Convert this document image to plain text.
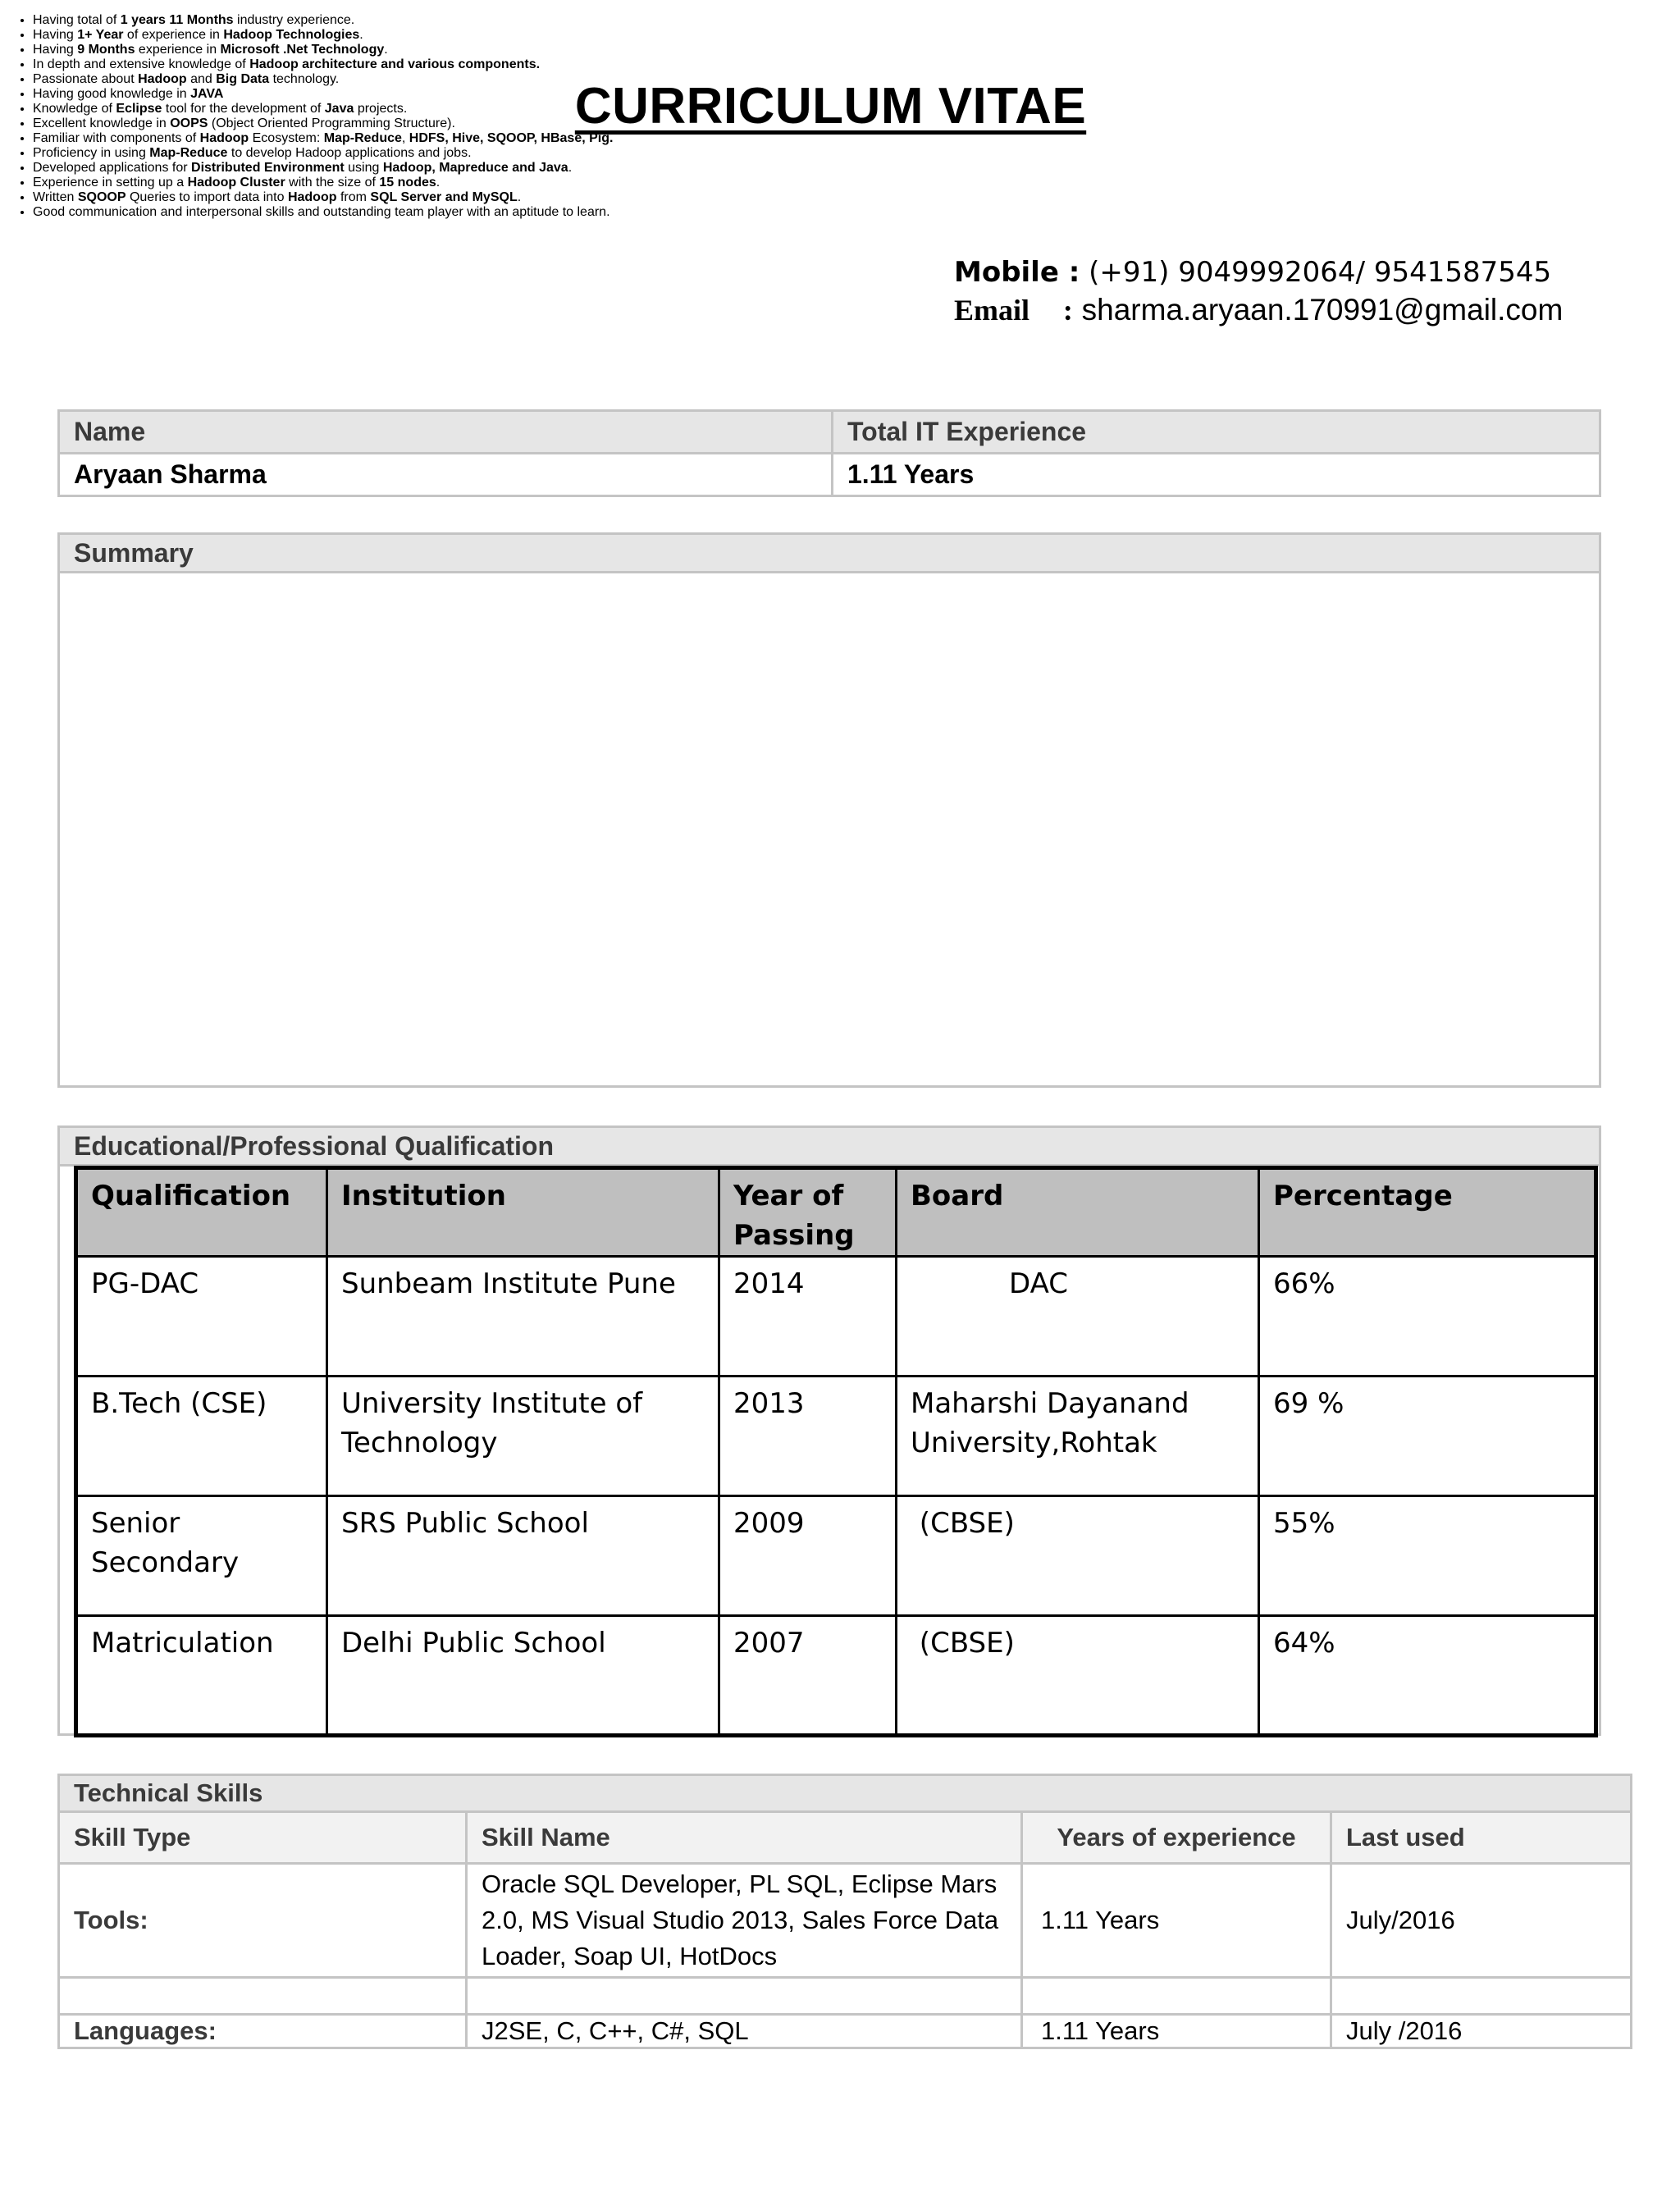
CURRICULUM VITAE
Mobile : (+91) 9049992064/ 9541587545
Email : sharma.aryaan.170991@gmail.com
Name	Total IT Experience
Aryaan Sharma	1.11 Years
Summary
• Having total of 1 years 11 Months industry experience.
• Having 1+ Year of experience in Hadoop Technologies.
• Having 9 Months experience in Microsoft .Net Technology.
• In depth and extensive knowledge of Hadoop architecture and various components.
• Passionate about Hadoop and Big Data technology.
• Having good knowledge in JAVA
• Knowledge of Eclipse tool for the development of Java projects.
• Excellent knowledge in OOPS (Object Oriented Programming Structure).
• Familiar with components of Hadoop Ecosystem: Map-Reduce, HDFS, Hive, SQOOP, HBase, Pig.
• Proficiency in using Map-Reduce to develop Hadoop applications and jobs.
• Developed applications for Distributed Environment using Hadoop, Mapreduce and Java.
• Experience in setting up a Hadoop Cluster with the size of 15 nodes.
• Written SQOOP Queries to import data into Hadoop from SQL Server and MySQL.
• Good communication and interpersonal skills and outstanding team player with an aptitude to learn.
Educational/Professional Qualification
Qualification	Institution	Year of Passing	Board	Percentage
PG-DAC	Sunbeam Institute Pune	2014	DAC	66%
B.Tech (CSE)	University Institute of Technology	2013	Maharshi Dayanand University,Rohtak	69 %
Senior Secondary	SRS Public School	2009	(CBSE)	55%
Matriculation	Delhi Public School	2007	(CBSE)	64%
Technical Skills			
Skill Type	Skill Name	Years of experience	Last used
Tools:	Oracle SQL Developer, PL SQL, Eclipse Mars 2.0, MS Visual Studio 2013, Sales Force Data Loader, Soap UI, HotDocs	1.11 Years	July/2016

Languages:	J2SE, C, C++, C#, SQL	1.11 Years	July /2016
